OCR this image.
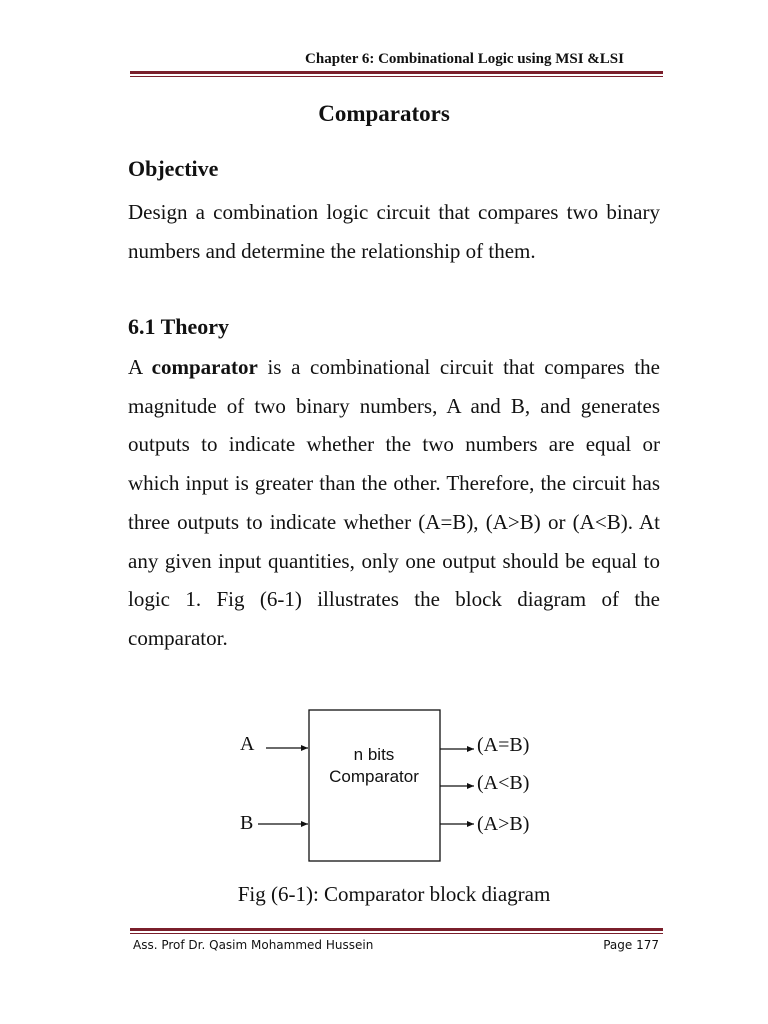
Chapter 6: Combinational Logic using MSI &LSI
Comparators
Objective

Design a combination logic circuit that compares two binary numbers and determine the relationship of them.

6.1 Theory

A comparator is a combinational circuit that compares the magnitude of two binary numbers, A and B, and generates outputs to indicate whether the two numbers are equal or which input is greater than the other. Therefore, the circuit has three outputs to indicate whether (A=B), (A>B) or (A<B). At any given input quantities, only one output should be equal to logic 1. Fig (6-1) illustrates the block diagram of the comparator.

n bits
Comparator
A
B
(A=B)
(A<B)
(A>B)
Fig (6-1): Comparator block diagram
Ass. Prof Dr. Qasim Mohammed Hussein	Page 177
